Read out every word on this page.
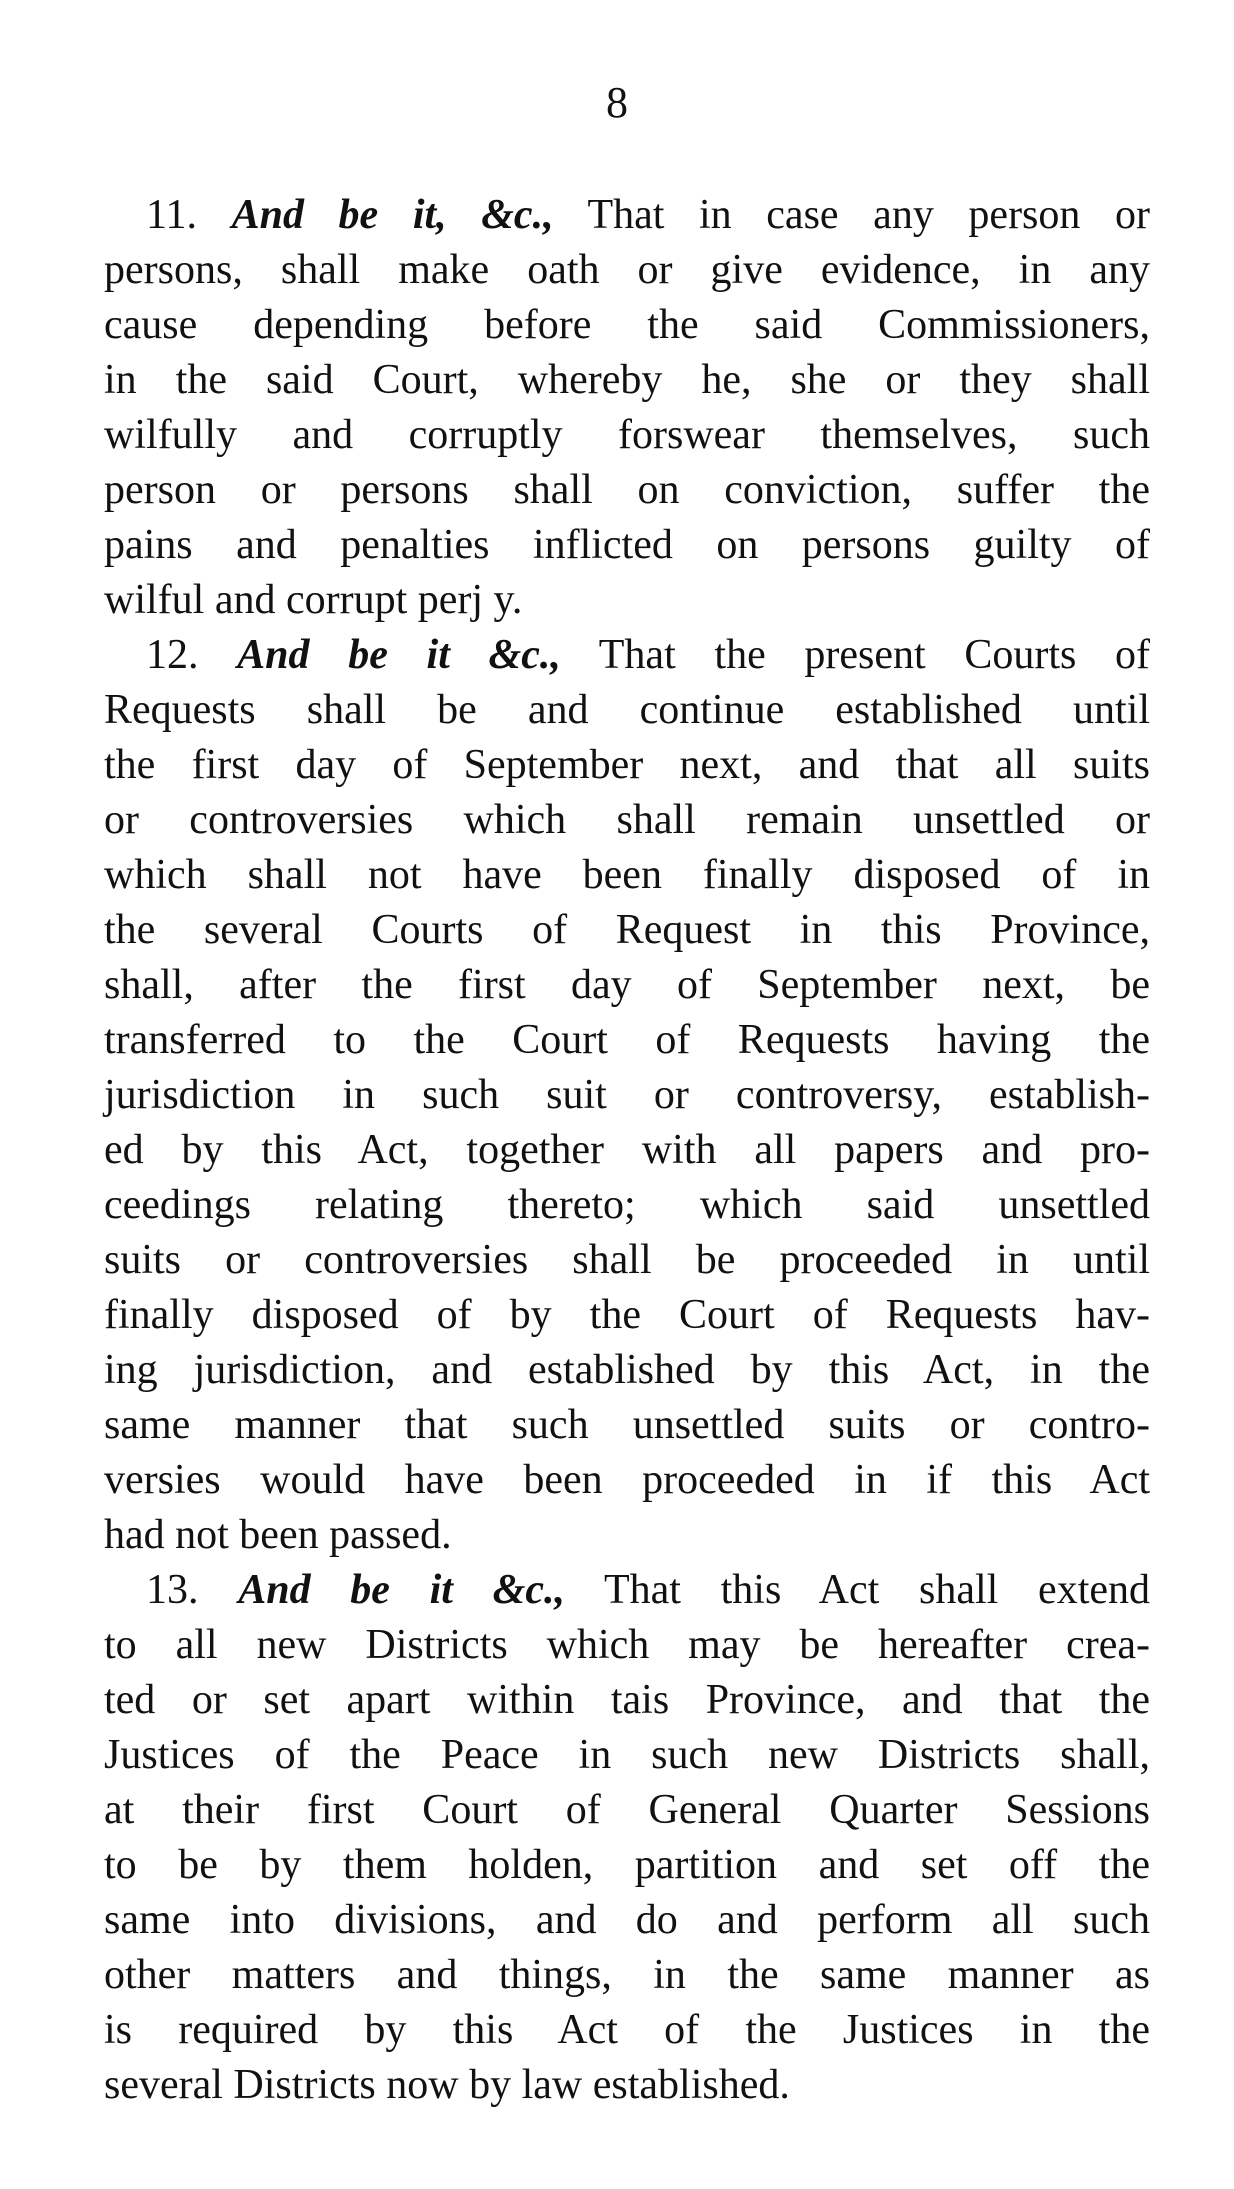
8
11. And be it, &c., That in case any person or
persons, shall make oath or give evidence, in any
cause depending before the said Commissioners,
in the said Court, whereby he, she or they shall
wilfully and corruptly forswear themselves, such
person or persons shall on conviction, suffer the
pains and penalties inflicted on persons guilty of
wilful and corrupt perj y.
12. And be it &c., That the present Courts of
Requests shall be and continue established until
the first day of September next, and that all suits
or controversies which shall remain unsettled or
which shall not have been finally disposed of in
the several Courts of Request in this Province,
shall, after the first day of September next, be
transferred to the Court of Requests having the
jurisdiction in such suit or controversy, establish-
ed by this Act, together with all papers and pro-
ceedings relating thereto; which said unsettled
suits or controversies shall be proceeded in until
finally disposed of by the Court of Requests hav-
ing jurisdiction, and established by this Act, in the
same manner that such unsettled suits or contro-
versies would have been proceeded in if this Act
had not been passed.
13. And be it &c., That this Act shall extend
to all new Districts which may be hereafter crea-
ted or set apart within tais Province, and that the
Justices of the Peace in such new Districts shall,
at their first Court of General Quarter Sessions
to be by them holden, partition and set off the
same into divisions, and do and perform all such
other matters and things, in the same manner as
is required by this Act of the Justices in the
several Districts now by law established.
